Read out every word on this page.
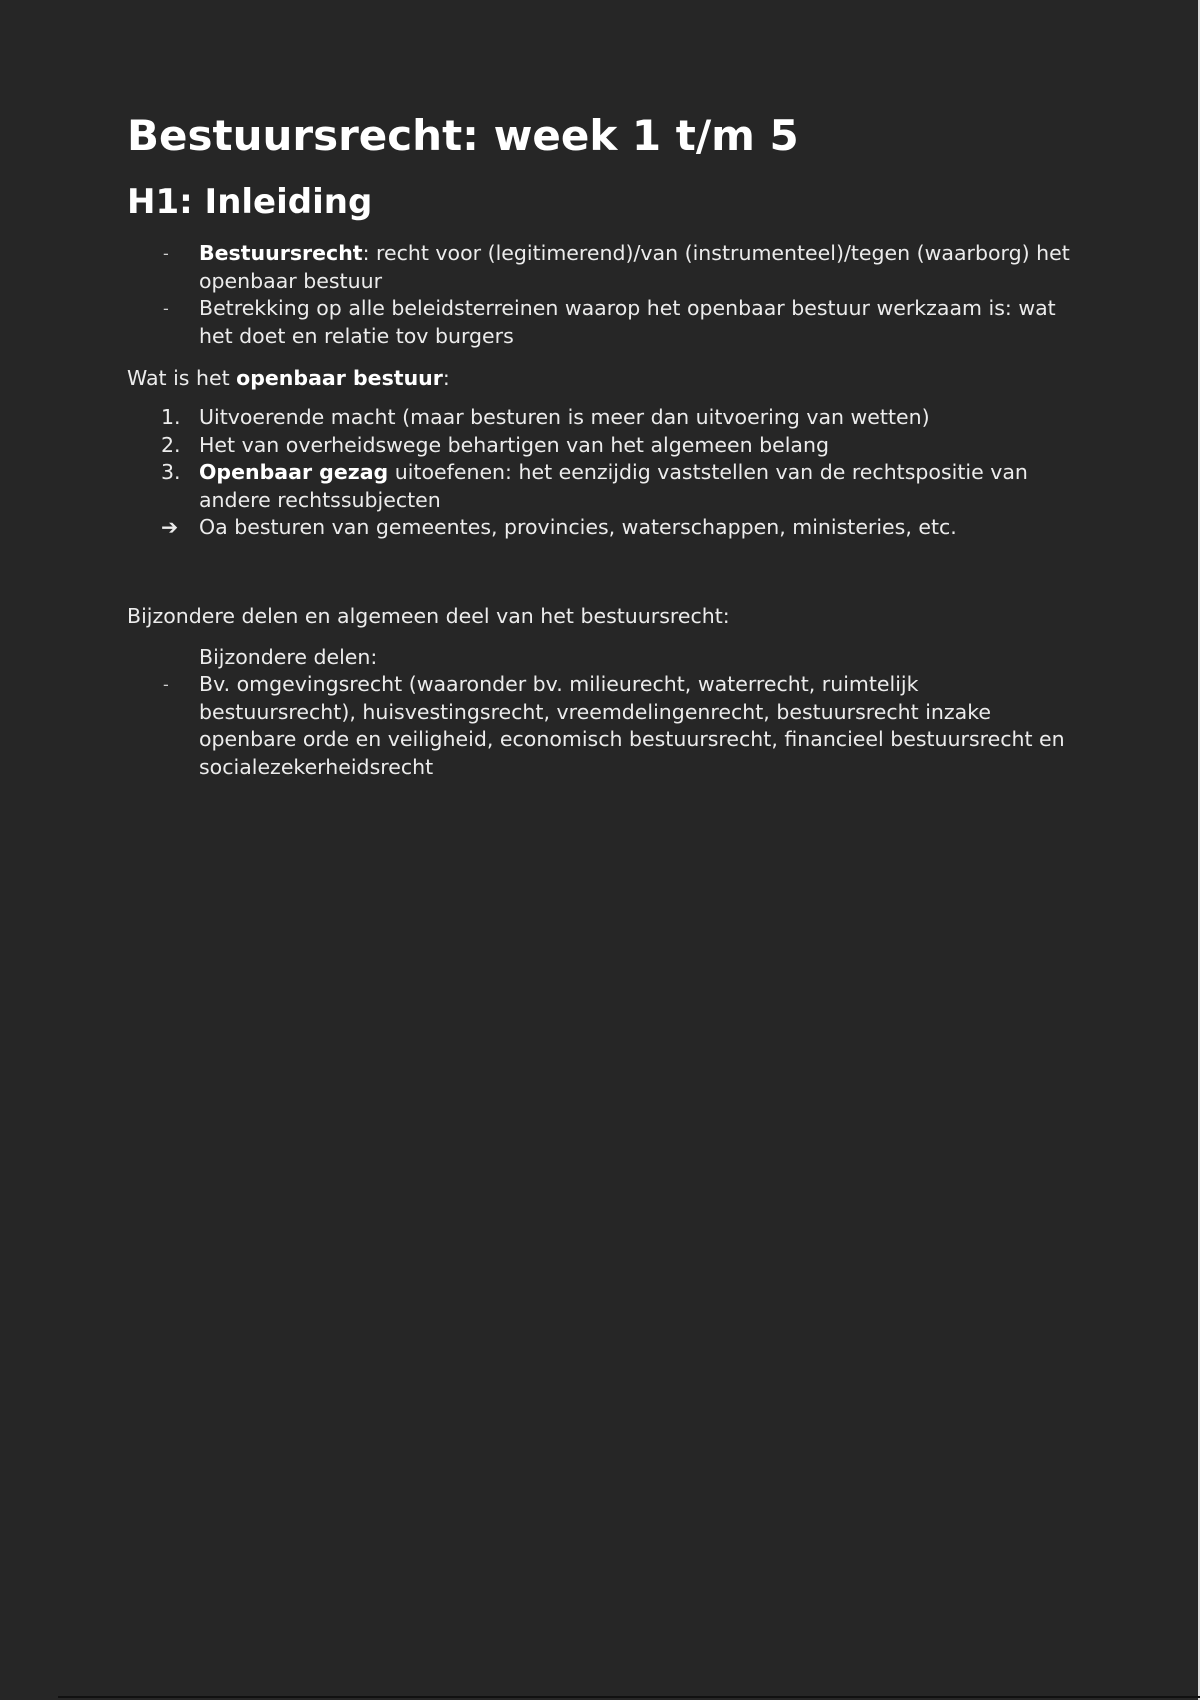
Bestuursrecht: week 1 t/m 5
H1: Inleiding
-	Bestuursrecht: recht voor (legitimerend)/van (instrumenteel)/tegen (waarborg) het openbaar bestuur
-	Betrekking op alle beleidsterreinen waarop het openbaar bestuur werkzaam is: wat het doet en relatie tov burgers

Wat is het openbaar bestuur:

1. Uitvoerende macht (maar besturen is meer dan uitvoering van wetten)
2. Het van overheidswege behartigen van het algemeen belang
3. Openbaar gezag uitoefenen: het eenzijdig vaststellen van de rechtspositie van andere rechtssubjecten
➔	Oa besturen van gemeentes, provincies, waterschappen, ministeries, etc.

Bijzondere delen en algemeen deel van het bestuursrecht:

Bijzondere delen:
-	Bv. omgevingsrecht (waaronder bv. milieurecht, waterrecht, ruimtelijk bestuursrecht), huisvestingsrecht, vreemdelingenrecht, bestuursrecht inzake openbare orde en veiligheid, economisch bestuursrecht, financieel bestuursrecht en socialezekerheidsrecht
